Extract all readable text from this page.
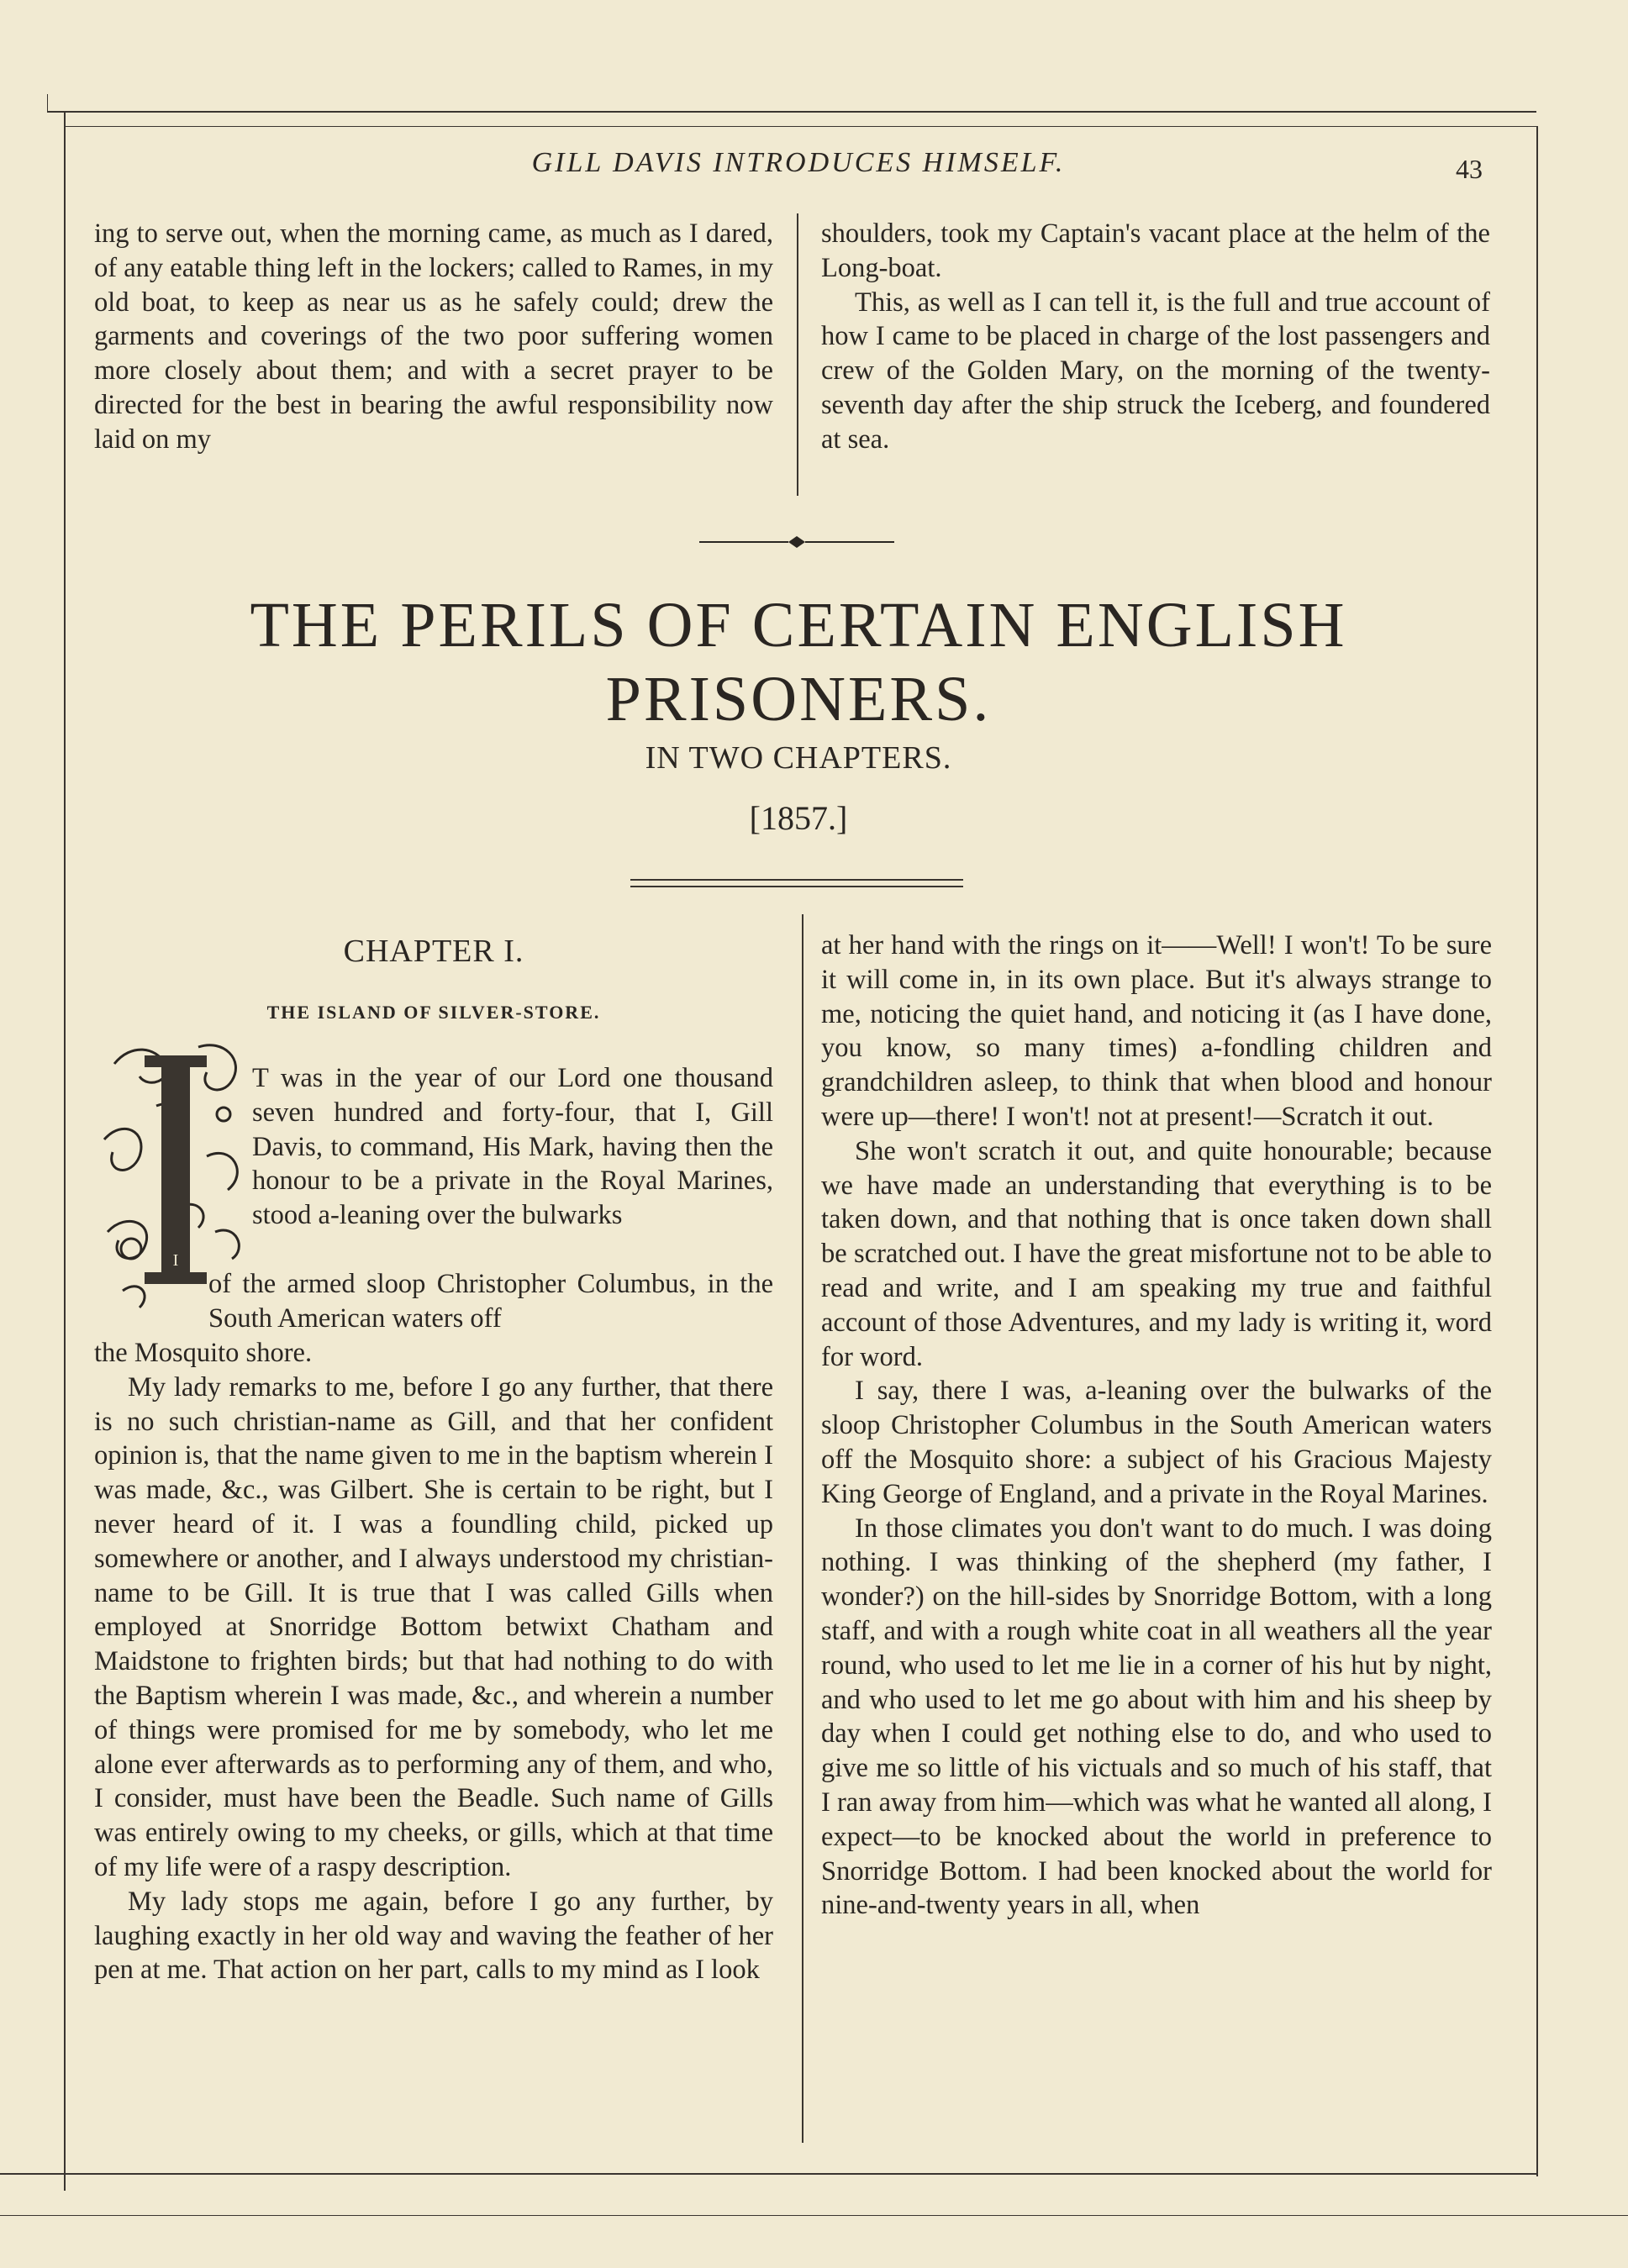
GILL DAVIS INTRODUCES HIMSELF.	43

ing to serve out, when the morning came, as much as I dared, of any eatable thing left in the lockers; called to Rames, in my old boat, to keep as near us as he safely could; drew the garments and coverings of the two poor suffering women more closely about them; and with a secret prayer to be directed for the best in bearing the awful responsibility now laid on my

shoulders, took my Captain's vacant place at the helm of the Long-boat.

This, as well as I can tell it, is the full and true account of how I came to be placed in charge of the lost passengers and crew of the Golden Mary, on the morning of the twenty-seventh day after the ship struck the Iceberg, and foundered at sea.

THE PERILS OF CERTAIN ENGLISH
PRISONERS.
IN TWO CHAPTERS.
[1857.]
CHAPTER I.
THE ISLAND OF SILVER-STORE.
I

T was in the year of our Lord one thousand seven hundred and forty-four, that I, Gill Davis, to command, His Mark, having then the honour to be a private in the Royal Marines, stood a-leaning over the bulwarks

of the armed sloop Christopher Columbus, in the South American waters off

the Mosquito shore.

My lady remarks to me, before I go any further, that there is no such christian-name as Gill, and that her confident opinion is, that the name given to me in the baptism wherein I was made, &c., was Gilbert. She is certain to be right, but I never heard of it. I was a foundling child, picked up somewhere or another, and I always understood my christian-name to be Gill. It is true that I was called Gills when employed at Snorridge Bottom betwixt Chatham and Maidstone to frighten birds; but that had nothing to do with the Baptism wherein I was made, &c., and wherein a number of things were promised for me by somebody, who let me alone ever afterwards as to performing any of them, and who, I consider, must have been the Beadle. Such name of Gills was entirely owing to my cheeks, or gills, which at that time of my life were of a raspy description.

My lady stops me again, before I go any further, by laughing exactly in her old way and waving the feather of her pen at me. That action on her part, calls to my mind as I look

at her hand with the rings on it——Well! I won't! To be sure it will come in, in its own place. But it's always strange to me, noticing the quiet hand, and noticing it (as I have done, you know, so many times) a-fondling children and grandchildren asleep, to think that when blood and honour were up—there! I won't! not at present!—Scratch it out.

She won't scratch it out, and quite honourable; because we have made an understanding that everything is to be taken down, and that nothing that is once taken down shall be scratched out. I have the great misfortune not to be able to read and write, and I am speaking my true and faithful account of those Adventures, and my lady is writing it, word for word.

I say, there I was, a-leaning over the bulwarks of the sloop Christopher Columbus in the South American waters off the Mosquito shore: a subject of his Gracious Majesty King George of England, and a private in the Royal Marines.

In those climates you don't want to do much. I was doing nothing. I was thinking of the shepherd (my father, I wonder?) on the hill-sides by Snorridge Bottom, with a long staff, and with a rough white coat in all weathers all the year round, who used to let me lie in a corner of his hut by night, and who used to let me go about with him and his sheep by day when I could get nothing else to do, and who used to give me so little of his victuals and so much of his staff, that I ran away from him—which was what he wanted all along, I expect—to be knocked about the world in preference to Snorridge Bottom. I had been knocked about the world for nine-and-twenty years in all, when
